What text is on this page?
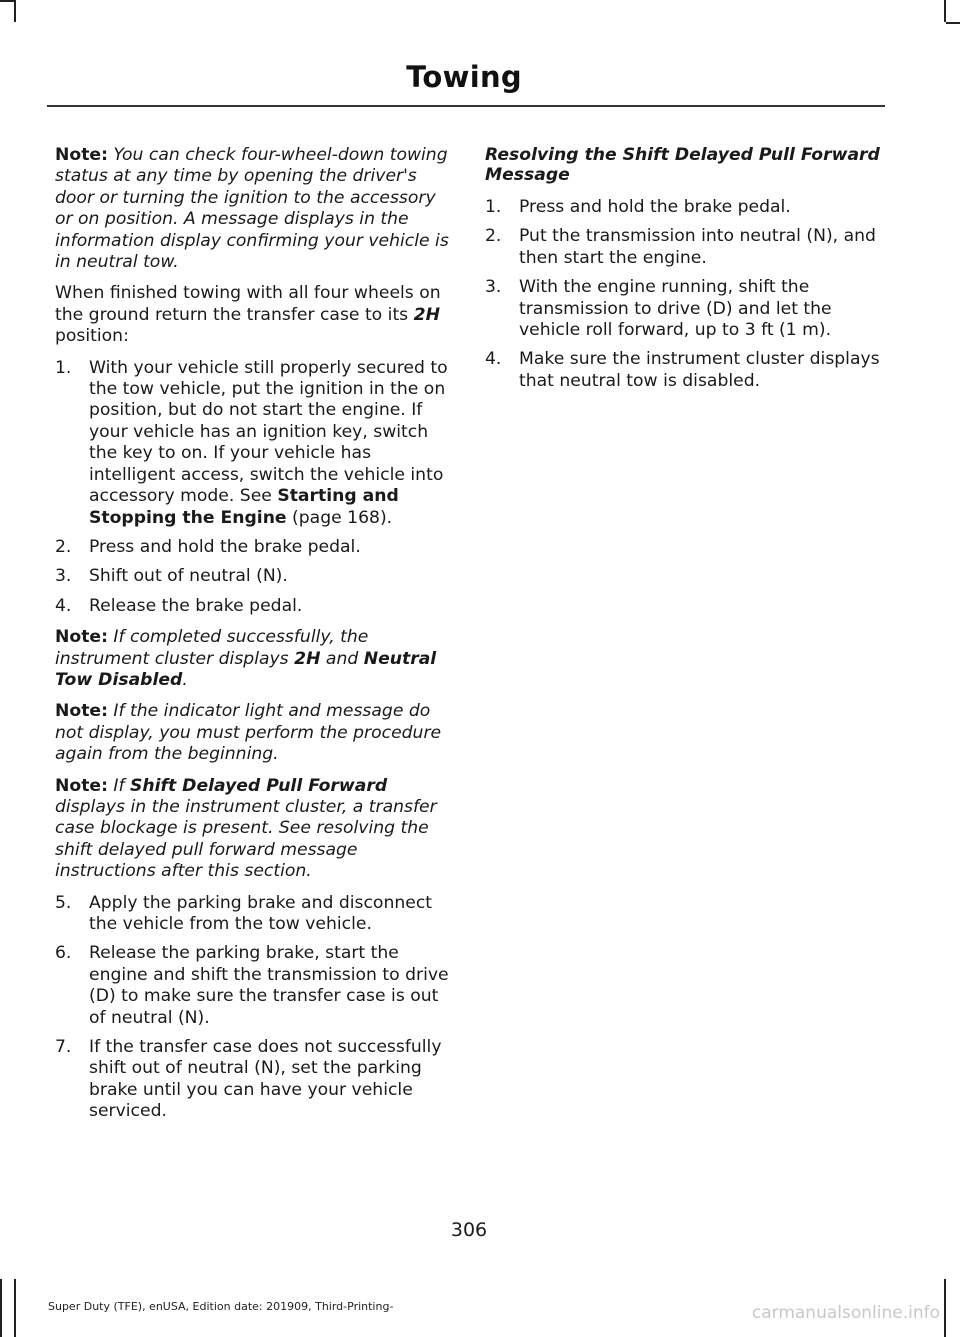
Towing

Note: You can check four-wheel-down towing status at any time by opening the driver's door or turning the ignition to the accessory or on position. A message displays in the information display confirming your vehicle is in neutral tow.

When finished towing with all four wheels on the ground return the transfer case to its 2H position:

1. With your vehicle still properly secured to the tow vehicle, put the ignition in the on position, but do not start the engine. If your vehicle has an ignition key, switch the key to on. If your vehicle has intelligent access, switch the vehicle into accessory mode. See Starting and Stopping the Engine (page 168).
2. Press and hold the brake pedal.
3. Shift out of neutral (N).
4. Release the brake pedal.

Note: If completed successfully, the instrument cluster displays 2H and Neutral Tow Disabled.

Note: If the indicator light and message do not display, you must perform the procedure again from the beginning.

Note: If Shift Delayed Pull Forward displays in the instrument cluster, a transfer case blockage is present. See resolving the shift delayed pull forward message instructions after this section.

5. Apply the parking brake and disconnect the vehicle from the tow vehicle.
6. Release the parking brake, start the engine and shift the transmission to drive (D) to make sure the transfer case is out of neutral (N).
7. If the transfer case does not successfully shift out of neutral (N), set the parking brake until you can have your vehicle serviced.
Resolving the Shift Delayed Pull Forward Message
1. Press and hold the brake pedal.
2. Put the transmission into neutral (N), and then start the engine.
3. With the engine running, shift the transmission to drive (D) and let the vehicle roll forward, up to 3 ft (1 m).
4. Make sure the instrument cluster displays that neutral tow is disabled.
306
Super Duty (TFE), enUSA, Edition date: 201909, Third-Printing-	carmanualsonline.info
